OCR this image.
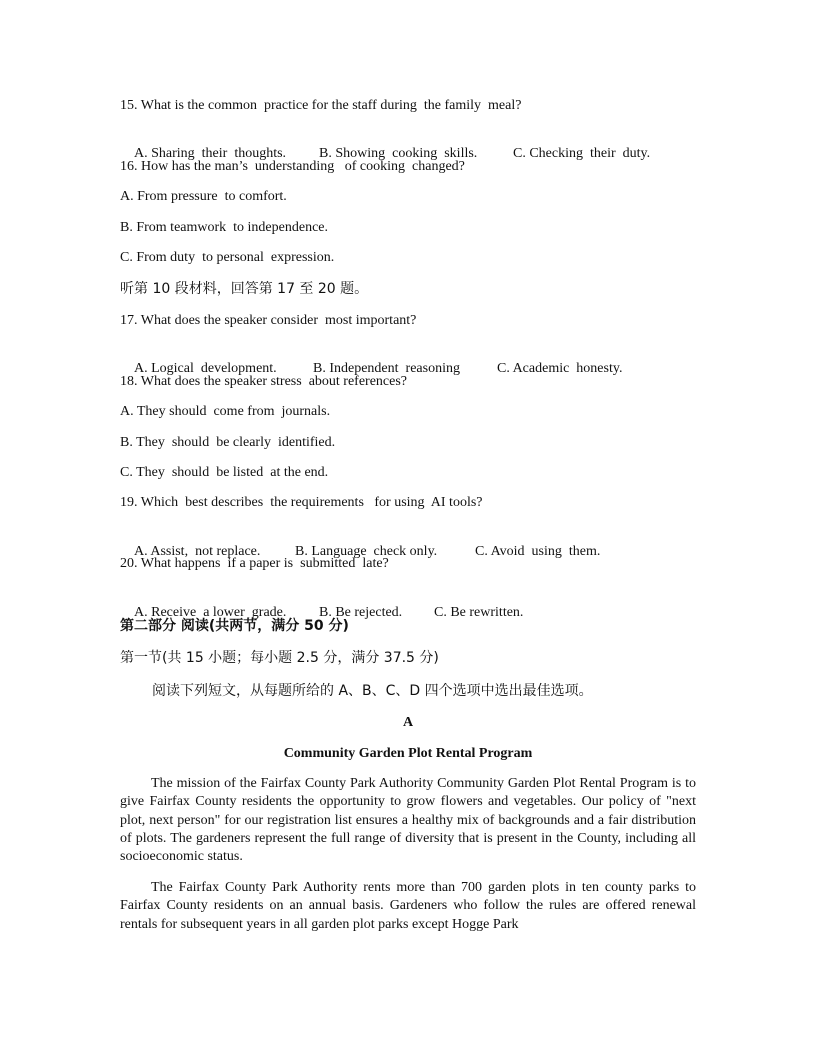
15. What is the common  practice for the staff during  the family  meal?

A. Sharing  their  thoughts. B. Showing  cooking  skills.	C. Checking  their  duty.

16. How has the man’s  understanding   of cooking  changed?
A. From pressure  to comfort.
B. From teamwork  to independence.
C. From duty  to personal  expression.
听第 10 段材料，回答第 17 至 20 题。
17. What does the speaker consider  most important?

A. Logical  development.	B. Independent  reasoning	C. Academic  honesty.

18. What does the speaker stress  about references?
A. They should  come from  journals.
B. They  should  be clearly  identified.
C. They  should  be listed  at the end.
19. Which  best describes  the requirements   for using  AI tools?

A. Assist,  not replace. B. Language  check only.	C. Avoid  using  them.

20. What happens  if a paper is  submitted  late?

A. Receive  a lower  grade. B. Be rejected. C. Be rewritten.

第二部分 阅读(共两节，满分 50 分)
第一节(共 15 小题；每小题 2.5 分，满分 37.5 分)
阅读下列短文，从每题所给的 A、B、C、D 四个选项中选出最佳选项。
A
Community Garden Plot Rental Program

The mission of the Fairfax County Park Authority Community Garden Plot Rental Program is to give Fairfax County residents the opportunity to grow flowers and vegetables. Our policy of "next plot, next person" for our registration list ensures a healthy mix of backgrounds and a fair distribution of plots. The gardeners represent the full range of diversity that is present in the County, including all socioeconomic status.

The Fairfax County Park Authority rents more than 700 garden plots in ten county parks to Fairfax County residents on an annual basis. Gardeners who follow the rules are offered renewal rentals for subsequent years in all garden plot parks except Hogge Park
